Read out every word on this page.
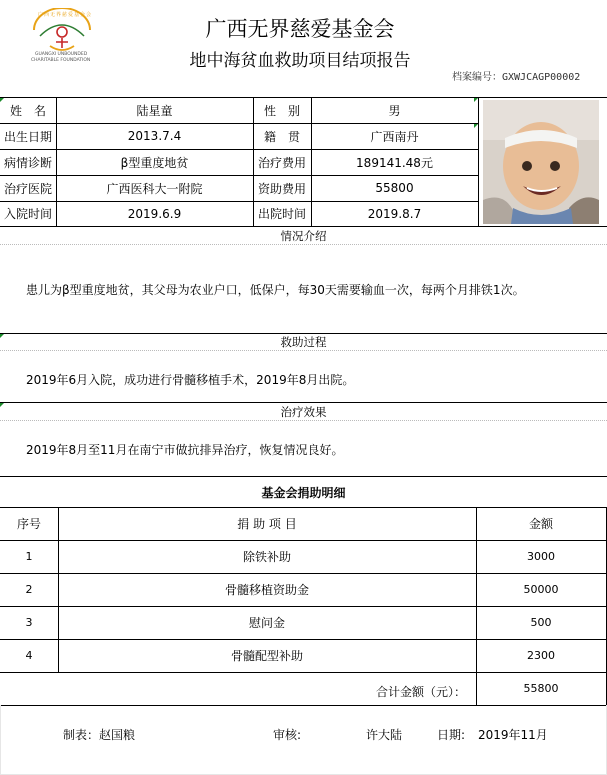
广西无界慈爱基金会
GUANGXI UNBOUNDED
CHARITABLE FOUNDATION
广西无界慈爱基金会
地中海贫血救助项目结项报告
档案编号：GXWJCAGP00002
姓　名	陆星童	性　别	男
出生日期	2013.7.4	籍　贯	广西南丹
病情诊断	β型重度地贫	治疗费用	189141.48元
治疗医院	广西医科大一附院	资助费用	55800
入院时间	2019.6.9	出院时间	2019.8.7
情况介绍
患儿为β型重度地贫，其父母为农业户口，低保户，每30天需要输血一次，每两个月排铁1次。
救助过程
2019年6月入院，成功进行骨髓移植手术，2019年8月出院。
治疗效果
2019年8月至11月在南宁市做抗排异治疗，恢复情况良好。
基金会捐助明细
序号	捐 助 项 目	金额
1	除铁补助	3000
2	骨髓移植资助金	50000
3	慰问金	500
4	骨髓配型补助	2300
合计金额（元）：	55800
制表： 赵国粮	审核:	许大陆	日期: 2019年11月
